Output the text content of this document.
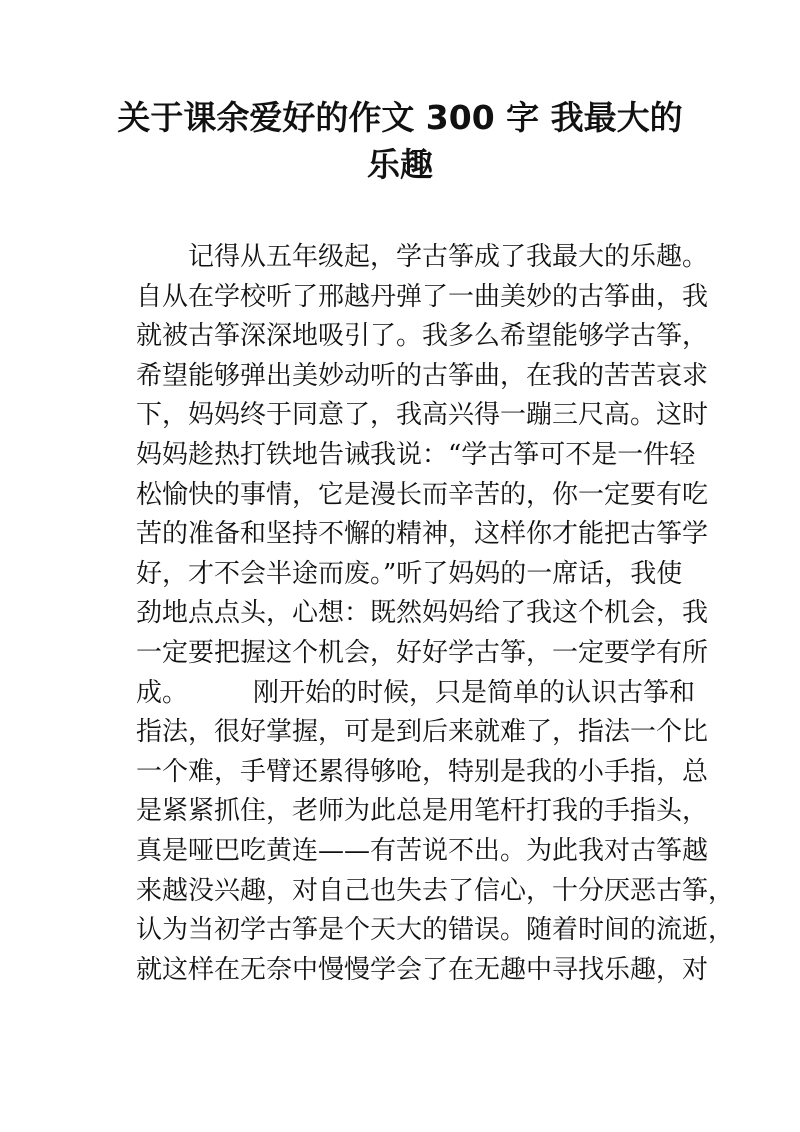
关于课余爱好的作文 300 字 我最大的
乐趣
　　记得从五年级起，学古筝成了我最大的乐趣。
自从在学校听了邢越丹弹了一曲美妙的古筝曲，我
就被古筝深深地吸引了。我多么希望能够学古筝，
希望能够弹出美妙动听的古筝曲，在我的苦苦哀求
下，妈妈终于同意了，我高兴得一蹦三尺高。这时
妈妈趁热打铁地告诫我说：“学古筝可不是一件轻
松愉快的事情，它是漫长而辛苦的，你一定要有吃
苦的准备和坚持不懈的精神，这样你才能把古筝学
好，才不会半途而废。”听了妈妈的一席话，我使
劲地点点头，心想：既然妈妈给了我这个机会，我
一定要把握这个机会，好好学古筝，一定要学有所
成。　　　刚开始的时候，只是简单的认识古筝和
指法，很好掌握，可是到后来就难了，指法一个比
一个难，手臂还累得够呛，特别是我的小手指，总
是紧紧抓住，老师为此总是用笔杆打我的手指头，
真是哑巴吃黄连——有苦说不出。为此我对古筝越
来越没兴趣，对自己也失去了信心，十分厌恶古筝，
认为当初学古筝是个天大的错误。随着时间的流逝，
就这样在无奈中慢慢学会了在无趣中寻找乐趣，对
